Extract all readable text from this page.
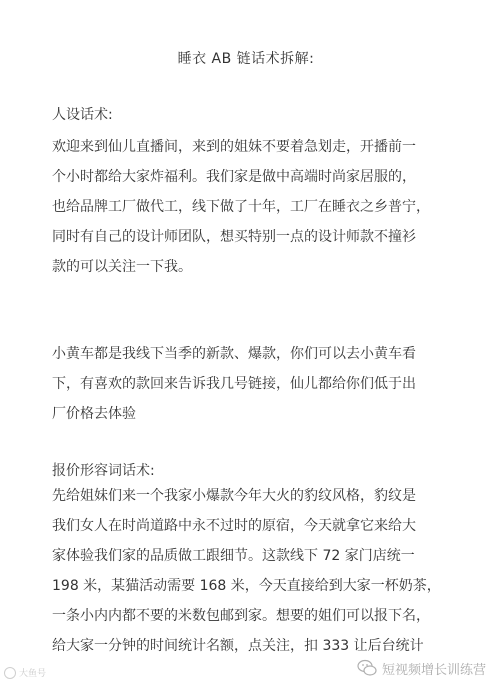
睡衣 AB 链话术拆解:
人设话术:
欢迎来到仙儿直播间，来到的姐妹不要着急划走，开播前一
个小时都给大家炸福利。我们家是做中高端时尚家居服的，
也给品牌工厂做代工，线下做了十年，工厂在睡衣之乡普宁，
同时有自己的设计师团队，想买特别一点的设计师款不撞衫
款的可以关注一下我。
小黄车都是我线下当季的新款、爆款，你们可以去小黄车看
下，有喜欢的款回来告诉我几号链接，仙儿都给你们低于出
厂价格去体验
报价形容词话术:
先给姐妹们来一个我家小爆款今年大火的豹纹风格，豹纹是
我们女人在时尚道路中永不过时的原宿，今天就拿它来给大
家体验我们家的品质做工跟细节。这款线下 72 家门店统一
198 米，某猫活动需要 168 米，今天直接给到大家一杯奶茶，
一条小内内都不要的米数包邮到家。想要的姐们可以报下名，
给大家一分钟的时间统计名额，点关注，扣 333 让后台统计
大鱼号	短视频增长训练营
